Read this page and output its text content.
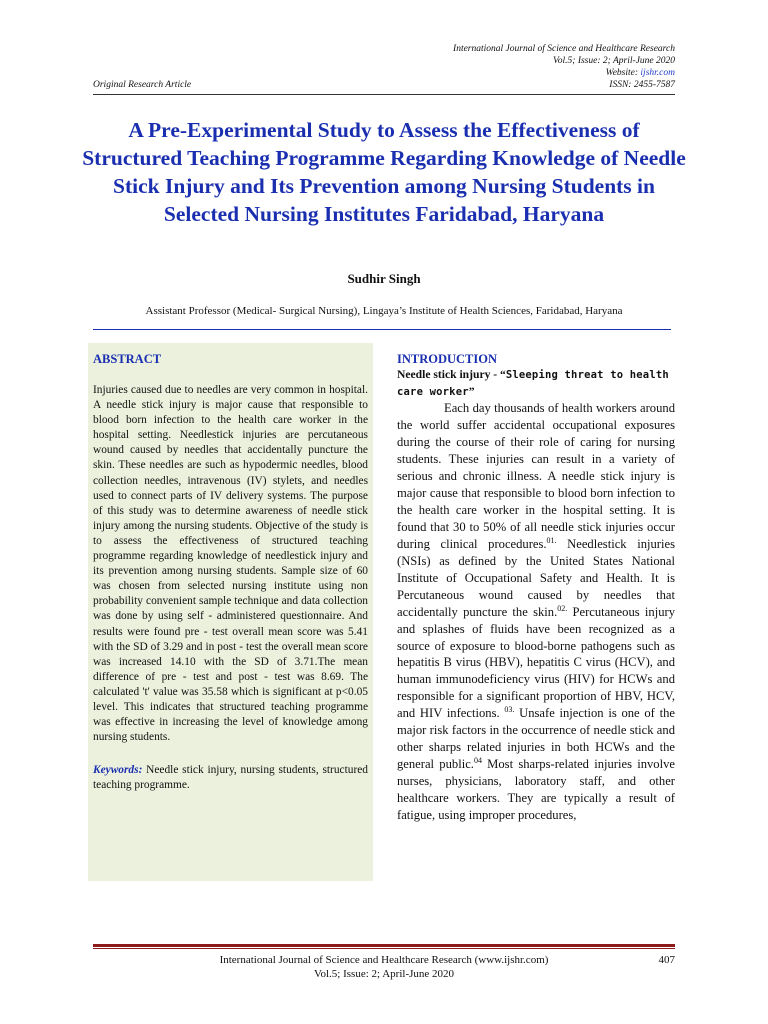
International Journal of Science and Healthcare Research
Vol.5; Issue: 2; April-June 2020
Website: ijshr.com
Original Research Article	ISSN: 2455-7587
A Pre-Experimental Study to Assess the Effectiveness of Structured Teaching Programme Regarding Knowledge of Needle Stick Injury and Its Prevention among Nursing Students in Selected Nursing Institutes Faridabad, Haryana
Sudhir Singh
Assistant Professor (Medical- Surgical Nursing), Lingaya’s Institute of Health Sciences, Faridabad, Haryana
ABSTRACT

Injuries caused due to needles are very common in hospital. A needle stick injury is major cause that responsible to blood born infection to the health care worker in the hospital setting. Needlestick injuries are percutaneous wound caused by needles that accidentally puncture the skin. These needles are such as hypodermic needles, blood collection needles, intravenous (IV) stylets, and needles used to connect parts of IV delivery systems. The purpose of this study was to determine awareness of needle stick injury among the nursing students. Objective of the study is to assess the effectiveness of structured teaching programme regarding knowledge of needlestick injury and its prevention among nursing students. Sample size of 60 was chosen from selected nursing institute using non probability convenient sample technique and data collection was done by using self - administered questionnaire. And results were found pre - test overall mean score was 5.41 with the SD of 3.29 and in post - test the overall mean score was increased 14.10 with the SD of 3.71.The mean difference of pre - test and post - test was 8.69. The calculated 't' value was 35.58 which is significant at p<0.05 level. This indicates that structured teaching programme was effective in increasing the level of knowledge among nursing students.

Keywords: Needle stick injury, nursing students, structured teaching programme.

INTRODUCTION
Needle stick injury - “Sleeping threat to health care worker”

Each day thousands of health workers around the world suffer accidental occupational exposures during the course of their role of caring for nursing students. These injuries can result in a variety of serious and chronic illness. A needle stick injury is major cause that responsible to blood born infection to the health care worker in the hospital setting. It is found that 30 to 50% of all needle stick injuries occur during clinical procedures.$^{01.}$ Needlestick injuries (NSIs) as defined by the United States National Institute of Occupational Safety and Health. It is Percutaneous wound caused by needles that accidentally puncture the skin.$^{02.}$ Percutaneous injury and splashes of fluids have been recognized as a source of exposure to blood-borne pathogens such as hepatitis B virus (HBV), hepatitis C virus (HCV), and human immunodeficiency virus (HIV) for HCWs and responsible for a significant proportion of HBV, HCV, and HIV infections. $^{03.}$ Unsafe injection is one of the major risk factors in the occurrence of needle stick and other sharps related injuries in both HCWs and the general public.$^{04}$ Most sharps-related injuries involve nurses, physicians, laboratory staff, and other healthcare workers. They are typically a result of fatigue, using improper procedures,

International Journal of Science and Healthcare Research (www.ijshr.com)	407
Vol.5; Issue: 2; April-June 2020
